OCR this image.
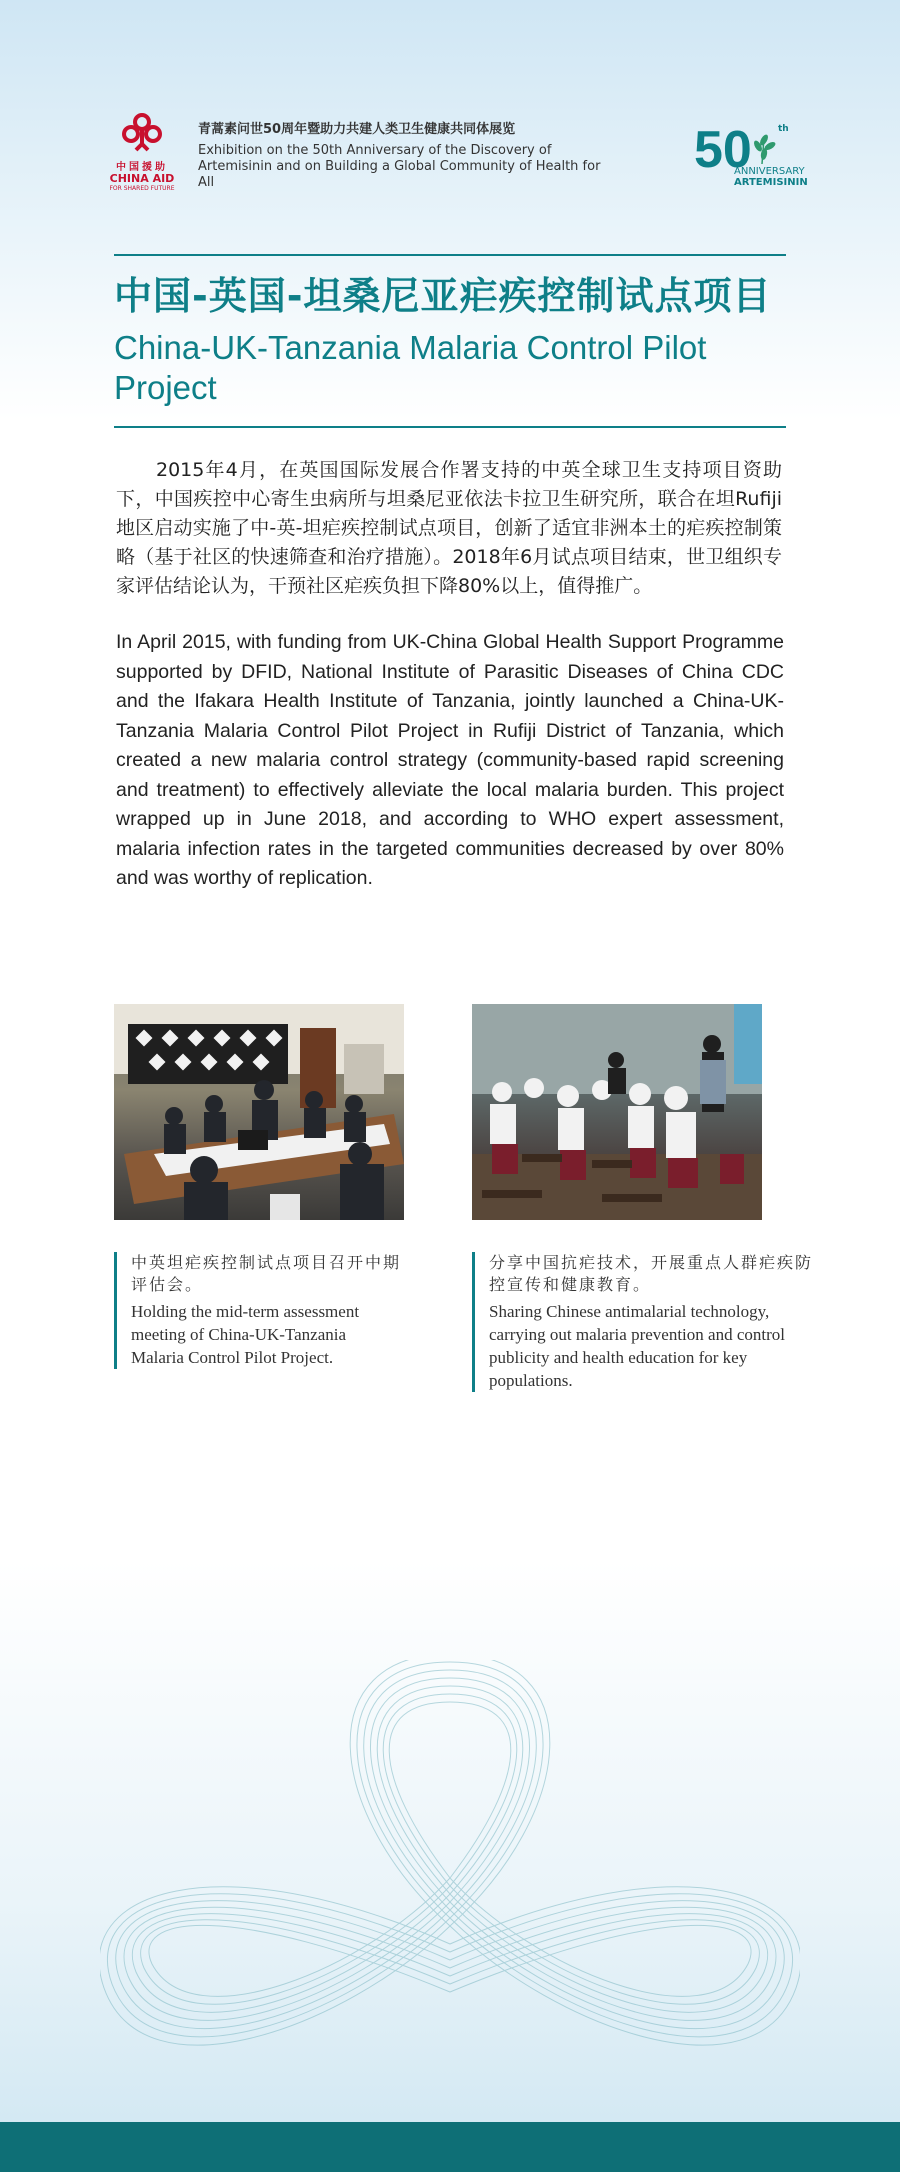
中国援助
CHINA AID
FOR SHARED FUTURE
青蒿素问世50周年暨助力共建人类卫生健康共同体展览
Exhibition on the 50th Anniversary of the Discovery of Artemisinin and on Building a Global Community of Health for All
50	th
ANNIVERSARY
ARTEMISININ
中国-英国-坦桑尼亚疟疾控制试点项目
China-UK-Tanzania Malaria Control Pilot Project

2015年4月，在英国国际发展合作署支持的中英全球卫生支持项目资助下，中国疾控中心寄生虫病所与坦桑尼亚依法卡拉卫生研究所，联合在坦Rufiji地区启动实施了中-英-坦疟疾控制试点项目，创新了适宜非洲本土的疟疾控制策略（基于社区的快速筛查和治疗措施）。2018年6月试点项目结束，世卫组织专家评估结论认为，干预社区疟疾负担下降80%以上，值得推广。

In April 2015, with funding from UK-China Global Health Support Programme supported by DFID, National Institute of Parasitic Diseases of China CDC and the Ifakara Health Institute of Tanzania, jointly launched a China-UK-Tanzania Malaria Control Pilot Project in Rufiji District of Tanzania, which created a new malaria control strategy (community-based rapid screening and treatment) to effectively alleviate the local malaria burden. This project wrapped up in June 2018, and according to WHO expert assessment, malaria infection rates in the targeted communities decreased by over 80% and was worthy of replication.

中英坦疟疾控制试点项目召开中期评估会。
Holding the mid-term assessment meeting of China-UK-Tanzania Malaria Control Pilot Project.
分享中国抗疟技术，开展重点人群疟疾防控宣传和健康教育。
Sharing Chinese antimalarial technology, carrying out malaria prevention and control publicity and health education for key populations.
